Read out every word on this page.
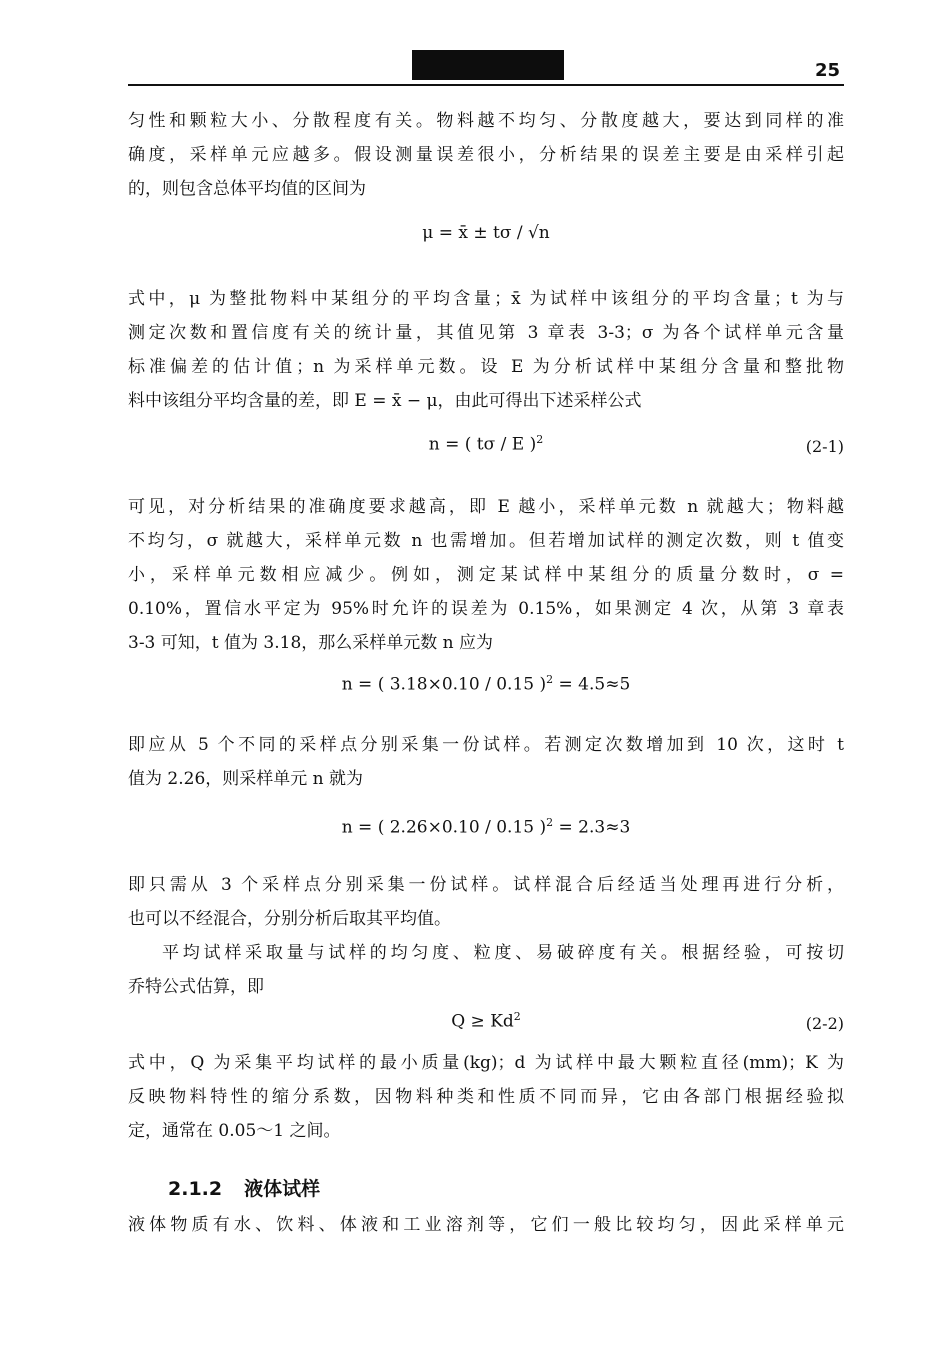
25
匀性和颗粒大小、分散程度有关。物料越不均匀、分散度越大，要达到同样的准
确度，采样单元应越多。假设测量误差很小，分析结果的误差主要是由采样引起
的，则包含总体平均值的区间为
μ = x̄ ± tσ / √n
式中，μ 为整批物料中某组分的平均含量；x̄ 为试样中该组分的平均含量；t 为与
测定次数和置信度有关的统计量，其值见第 3 章表 3-3；σ 为各个试样单元含量
标准偏差的估计值；n 为采样单元数。设 E 为分析试样中某组分含量和整批物
料中该组分平均含量的差，即 E = x̄ − μ，由此可得出下述采样公式
n = ( tσ / E )$^2$	(2-1)
可见，对分析结果的准确度要求越高，即 E 越小，采样单元数 n 就越大；物料越
不均匀，σ 就越大，采样单元数 n 也需增加。但若增加试样的测定次数，则 t 值变
小，采样单元数相应减少。例如，测定某试样中某组分的质量分数时，σ =
0.10%，置信水平定为 95%时允许的误差为 0.15%，如果测定 4 次，从第 3 章表
3-3 可知，t 值为 3.18，那么采样单元数 n 应为
n = ( 3.18×0.10 / 0.15 )$^2$ = 4.5≈5
即应从 5 个不同的采样点分别采集一份试样。若测定次数增加到 10 次，这时 t
值为 2.26，则采样单元 n 就为
n = ( 2.26×0.10 / 0.15 )$^2$ = 2.3≈3
即只需从 3 个采样点分别采集一份试样。试样混合后经适当处理再进行分析，
也可以不经混合，分别分析后取其平均值。
平均试样采取量与试样的均匀度、粒度、易破碎度有关。根据经验，可按切
乔特公式估算，即
$Q \ge Kd^2$	(2-2)
式中，Q 为采集平均试样的最小质量(kg)；d 为试样中最大颗粒直径(mm)；K 为
反映物料特性的缩分系数，因物料种类和性质不同而异，它由各部门根据经验拟
定，通常在 0.05～1 之间。
2.1.2 液体试样
液体物质有水、饮料、体液和工业溶剂等，它们一般比较均匀，因此采样单元
